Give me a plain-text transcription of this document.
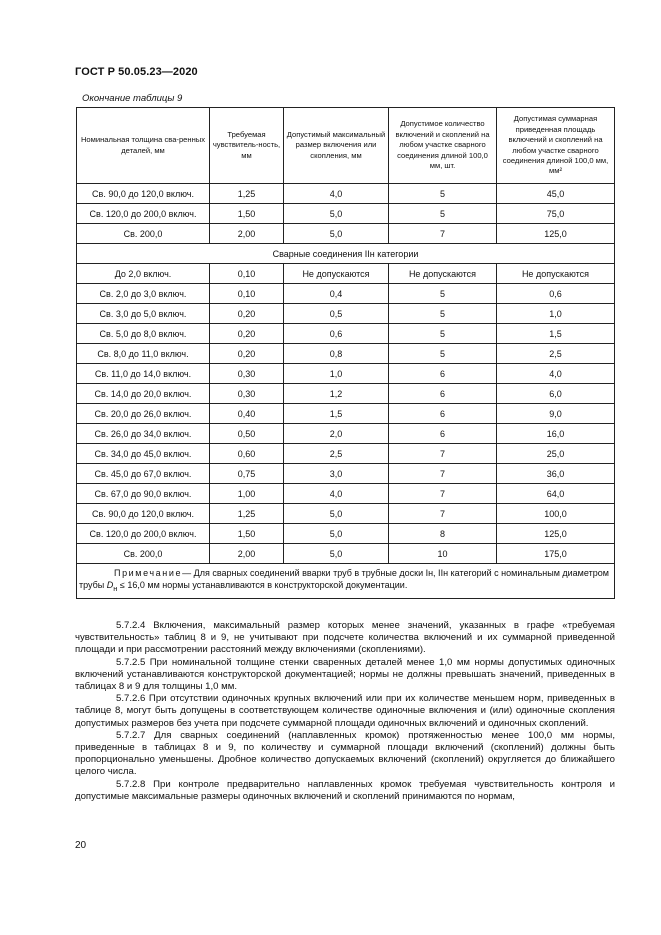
ГОСТ Р 50.05.23—2020
Окончание таблицы 9
Номинальная толщина сва-ренных деталей, мм	Требуемая чувствитель-ность, мм	Допустимый максимальный размер включения или скопления, мм	Допустимое количество включений и скоплений на любом участке сварного соединения длиной 100,0 мм, шт.	Допустимая суммарная приведенная площадь включений и скоплений на любом участке сварного соединения длиной 100,0 мм, мм²
Св. 90,0 до 120,0 включ.	1,25	4,0	5	45,0
Св. 120,0 до 200,0 включ.	1,50	5,0	5	75,0
Св. 200,0	2,00	5,0	7	125,0
Сварные соединения IIн категории				
До 2,0 включ.	0,10	Не допускаются	Не допускаются	Не допускаются
Св. 2,0 до 3,0 включ.	0,10	0,4	5	0,6
Св. 3,0 до 5,0 включ.	0,20	0,5	5	1,0
Св. 5,0 до 8,0 включ.	0,20	0,6	5	1,5
Св. 8,0 до 11,0 включ.	0,20	0,8	5	2,5
Св. 11,0 до 14,0 включ.	0,30	1,0	6	4,0
Св. 14,0 до 20,0 включ.	0,30	1,2	6	6,0
Св. 20,0 до 26,0 включ.	0,40	1,5	6	9,0
Св. 26,0 до 34,0 включ.	0,50	2,0	6	16,0
Св. 34,0 до 45,0 включ.	0,60	2,5	7	25,0
Св. 45,0 до 67,0 включ.	0,75	3,0	7	36,0
Св. 67,0 до 90,0 включ.	1,00	4,0	7	64,0
Св. 90,0 до 120,0 включ.	1,25	5,0	7	100,0
Св. 120,0 до 200,0 включ.	1,50	5,0	8	125,0
Св. 200,0	2,00	5,0	10	175,0
Примечание— Для сварных соединений вварки труб в трубные доски Iн, IIн категорий с номинальным диаметром трубы $D_н \le 16,0$ мм нормы устанавливаются в конструкторской документации.				

5.7.2.4 Включения, максимальный размер которых менее значений, указанных в графе «требуемая чувствительность» таблиц 8 и 9, не учитывают при подсчете количества включений и их суммарной приведенной площади и при рассмотрении расстояний между включениями (скоплениями).

5.7.2.5 При номинальной толщине стенки сваренных деталей менее 1,0 мм нормы допустимых одиночных включений устанавливаются конструкторской документацией; нормы не должны превышать значений, приведенных в таблицах 8 и 9 для толщины 1,0 мм.

5.7.2.6 При отсутствии одиночных крупных включений или при их количестве меньшем норм, приведенных в таблице 8, могут быть допущены в соответствующем количестве одиночные включения и (или) одиночные скопления допустимых размеров без учета при подсчете суммарной площади одиночных включений и одиночных скоплений.

5.7.2.7 Для сварных соединений (наплавленных кромок) протяженностью менее 100,0 мм нормы, приведенные в таблицах 8 и 9, по количеству и суммарной площади включений (скоплений) должны быть пропорционально уменьшены. Дробное количество допускаемых включений (скоплений) округляется до ближайшего целого числа.

5.7.2.8 При контроле предварительно наплавленных кромок требуемая чувствительность контроля и допустимые максимальные размеры одиночных включений и скоплений принимаются по нормам,

20
